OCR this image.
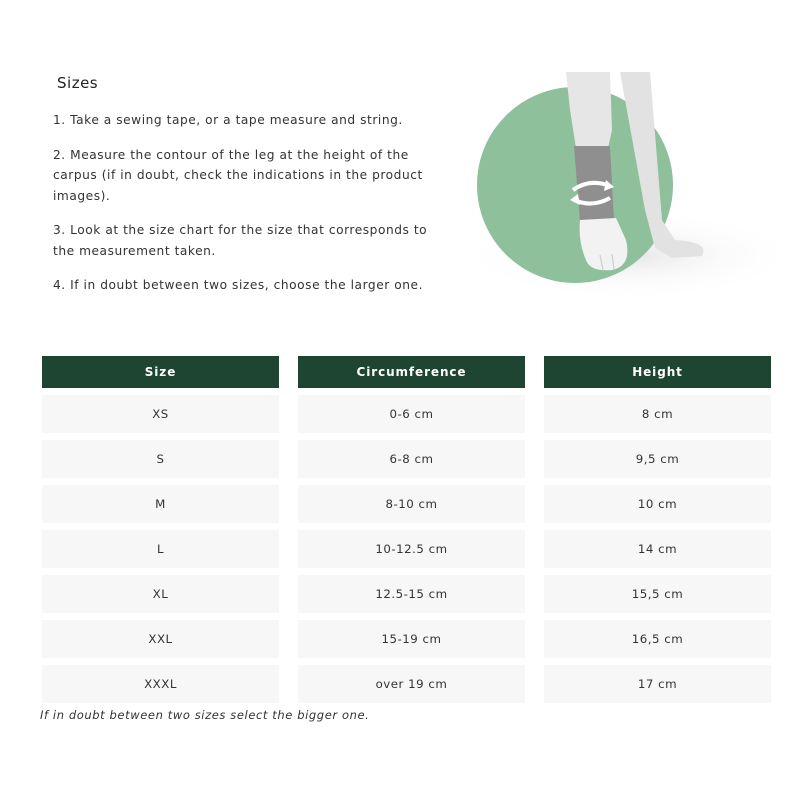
Sizes
1. Take a sewing tape, or a tape measure and string.
2. Measure the contour of the leg at the height of the carpus (if in doubt, check the indications in the product images).
3. Look at the size chart for the size that corresponds to the measurement taken.
4. If in doubt between two sizes, choose the larger one.
Size	Circumference	Height
XS	0-6 cm	8 cm
S	6-8 cm	9,5 cm
M	8-10 cm	10 cm
L	10-12.5 cm	14 cm
XL	12.5-15 cm	15,5 cm
XXL	15-19 cm	16,5 cm
XXXL	over 19 cm	17 cm
If in doubt between two sizes select the bigger one.
